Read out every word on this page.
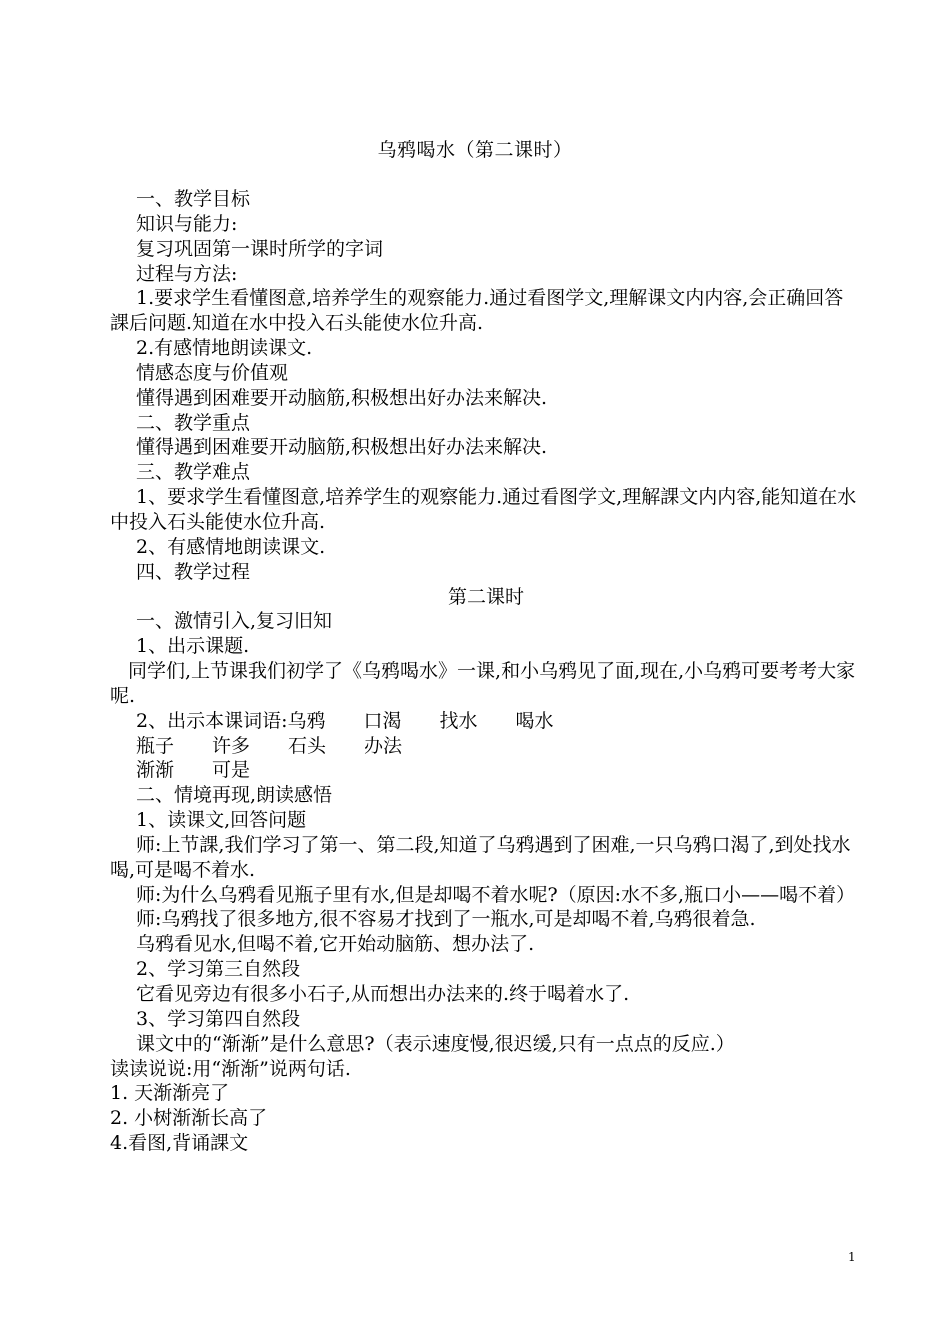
乌鸦喝水（第二课时）

一、教学目标

知识与能力:

复习巩固第一课时所学的字词

过程与方法:

1.要求学生看懂图意,培养学生的观察能力.通过看图学文,理解课文内内容,会正确回答課后问题.知道在水中投入石头能使水位升高.

2.有感情地朗读课文.

情感态度与价值观

懂得遇到困难要开动脑筋,积极想出好办法来解决.

二、教学重点

懂得遇到困难要开动脑筋,积极想出好办法来解决.

三、教学难点

1、要求学生看懂图意,培养学生的观察能力.通过看图学文,理解課文内内容,能知道在水中投入石头能使水位升高.

2、有感情地朗读课文.

四、教学过程

第二课时

一、激情引入,复习旧知

1、出示课题.

同学们,上节课我们初学了《乌鸦喝水》一课,和小乌鸦见了面,现在,小乌鸦可要考考大家呢.

2、出示本课词语:乌鸦　　口渴　　找水　　喝水

瓶子　　许多　　石头　　办法

渐渐　　可是

二、情境再现,朗读感悟

1、读课文,回答问题

师:上节課,我们学习了第一、第二段,知道了乌鸦遇到了困难,一只乌鸦口渴了,到处找水喝,可是喝不着水.

师:为什么乌鸦看见瓶子里有水,但是却喝不着水呢?（原因:水不多,瓶口小——喝不着）

师:乌鸦找了很多地方,很不容易才找到了一瓶水,可是却喝不着,乌鸦很着急.

乌鸦看见水,但喝不着,它开始动脑筋、想办法了.

2、学习第三自然段

它看见旁边有很多小石子,从而想出办法来的.终于喝着水了.

3、学习第四自然段

课文中的“渐渐”是什么意思?（表示速度慢,很迟缓,只有一点点的反应.）

读读说说:用“渐渐”说两句话.

1. 天渐渐亮了

2. 小树渐渐长高了

4.看图,背诵課文

1
